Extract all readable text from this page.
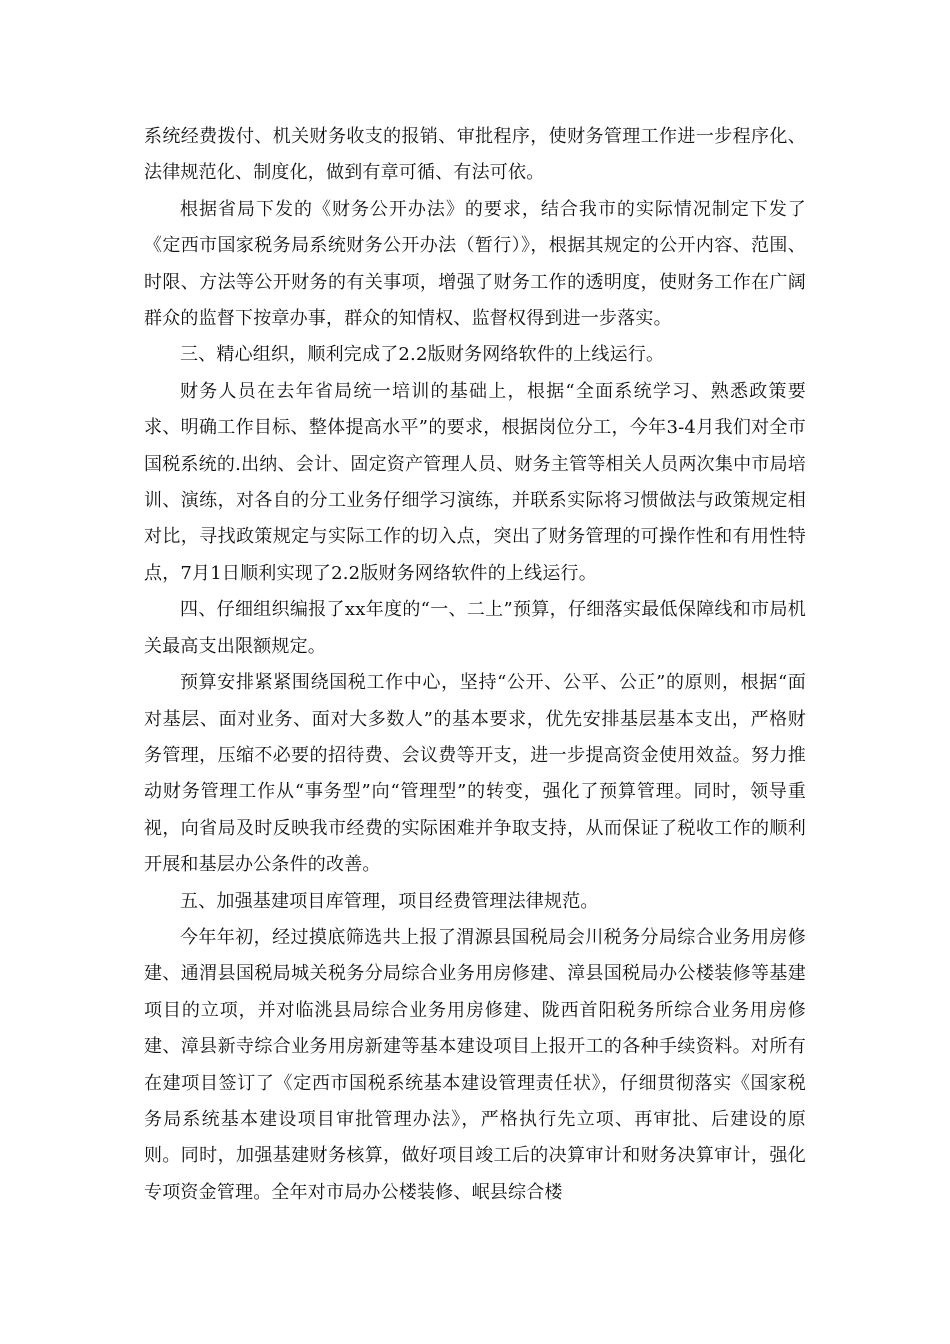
系统经费拨付、机关财务收支的报销、审批程序，使财务管理工作进一步程序化、法律规范化、制度化，做到有章可循、有法可依。

根据省局下发的《财务公开办法》的要求，结合我市的实际情况制定下发了《定西市国家税务局系统财务公开办法（暂行）》，根据其规定的公开内容、范围、时限、方法等公开财务的有关事项，增强了财务工作的透明度，使财务工作在广阔群众的监督下按章办事，群众的知情权、监督权得到进一步落实。

三、精心组织，顺利完成了2.2版财务网络软件的上线运行。

财务人员在去年省局统一培训的基础上，根据“全面系统学习、熟悉政策要求、明确工作目标、整体提高水平”的要求，根据岗位分工，今年3-4月我们对全市国税系统的.出纳、会计、固定资产管理人员、财务主管等相关人员两次集中市局培训、演练，对各自的分工业务仔细学习演练，并联系实际将习惯做法与政策规定相对比，寻找政策规定与实际工作的切入点，突出了财务管理的可操作性和有用性特点，7月1日顺利实现了2.2版财务网络软件的上线运行。

四、仔细组织编报了xx年度的“一、二上”预算，仔细落实最低保障线和市局机关最高支出限额规定。

预算安排紧紧围绕国税工作中心，坚持“公开、公平、公正”的原则，根据“面对基层、面对业务、面对大多数人”的基本要求，优先安排基层基本支出，严格财务管理，压缩不必要的招待费、会议费等开支，进一步提高资金使用效益。努力推动财务管理工作从“事务型”向“管理型”的转变，强化了预算管理。同时，领导重视，向省局及时反映我市经费的实际困难并争取支持，从而保证了税收工作的顺利开展和基层办公条件的改善。

五、加强基建项目库管理，项目经费管理法律规范。

今年年初，经过摸底筛选共上报了渭源县国税局会川税务分局综合业务用房修建、通渭县国税局城关税务分局综合业务用房修建、漳县国税局办公楼装修等基建项目的立项，并对临洮县局综合业务用房修建、陇西首阳税务所综合业务用房修建、漳县新寺综合业务用房新建等基本建设项目上报开工的各种手续资料。对所有在建项目签订了《定西市国税系统基本建设管理责任状》，仔细贯彻落实《国家税务局系统基本建设项目审批管理办法》，严格执行先立项、再审批、后建设的原则。同时，加强基建财务核算，做好项目竣工后的决算审计和财务决算审计，强化专项资金管理。全年对市局办公楼装修、岷县综合楼
